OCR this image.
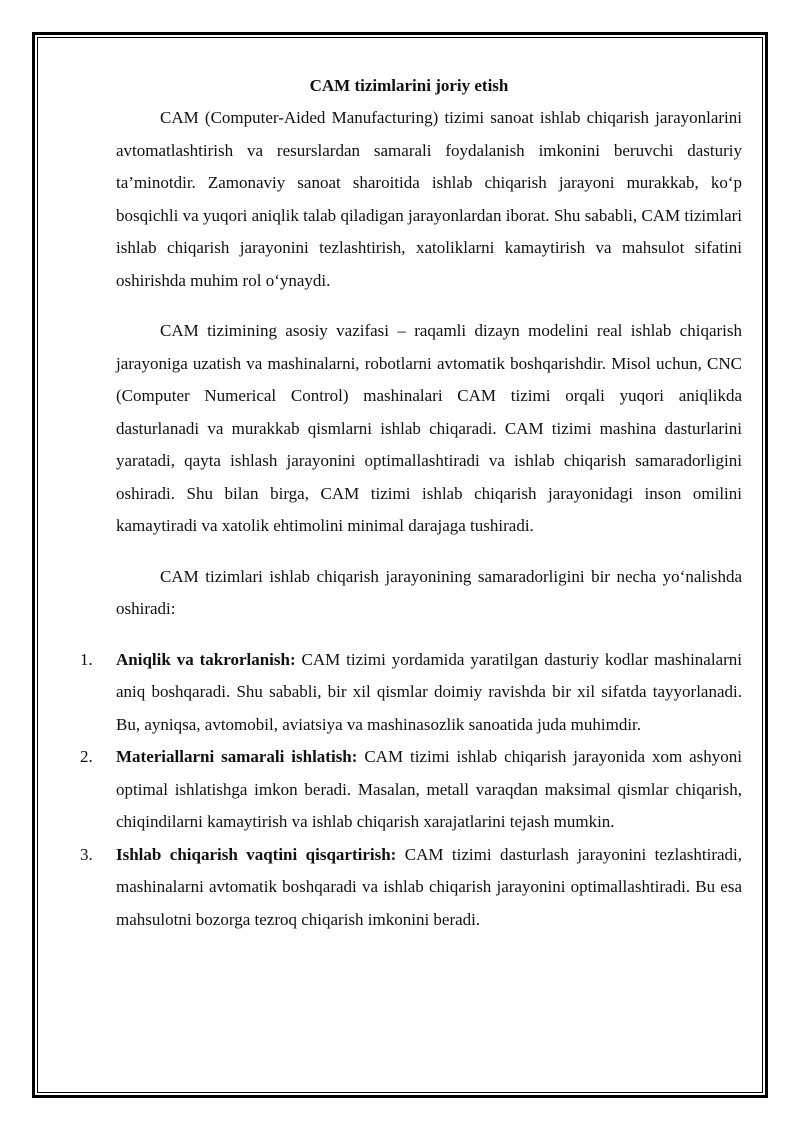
CAM tizimlarini joriy etish

CAM (Computer-Aided Manufacturing) tizimi sanoat ishlab chiqarish jarayonlarini avtomatlashtirish va resurslardan samarali foydalanish imkonini beruvchi dasturiy ta’minotdir. Zamonaviy sanoat sharoitida ishlab chiqarish jarayoni murakkab, ko‘p bosqichli va yuqori aniqlik talab qiladigan jarayonlardan iborat. Shu sababli, CAM tizimlari ishlab chiqarish jarayonini tezlashtirish, xatoliklarni kamaytirish va mahsulot sifatini oshirishda muhim rol o‘ynaydi.

CAM tizimining asosiy vazifasi – raqamli dizayn modelini real ishlab chiqarish jarayoniga uzatish va mashinalarni, robotlarni avtomatik boshqarishdir. Misol uchun, CNC (Computer Numerical Control) mashinalari CAM tizimi orqali yuqori aniqlikda dasturlanadi va murakkab qismlarni ishlab chiqaradi. CAM tizimi mashina dasturlarini yaratadi, qayta ishlash jarayonini optimallashtiradi va ishlab chiqarish samaradorligini oshiradi. Shu bilan birga, CAM tizimi ishlab chiqarish jarayonidagi inson omilini kamaytiradi va xatolik ehtimolini minimal darajaga tushiradi.

CAM tizimlari ishlab chiqarish jarayonining samaradorligini bir necha yo‘nalishda oshiradi:

1. Aniqlik va takrorlanish: CAM tizimi yordamida yaratilgan dasturiy kodlar mashinalarni aniq boshqaradi. Shu sababli, bir xil qismlar doimiy ravishda bir xil sifatda tayyorlanadi. Bu, ayniqsa, avtomobil, aviatsiya va mashinasozlik sanoatida juda muhimdir.
2. Materiallarni samarali ishlatish: CAM tizimi ishlab chiqarish jarayonida xom ashyoni optimal ishlatishga imkon beradi. Masalan, metall varaqdan maksimal qismlar chiqarish, chiqindilarni kamaytirish va ishlab chiqarish xarajatlarini tejash mumkin.
3. Ishlab chiqarish vaqtini qisqartirish: CAM tizimi dasturlash jarayonini tezlashtiradi, mashinalarni avtomatik boshqaradi va ishlab chiqarish jarayonini optimallashtiradi. Bu esa mahsulotni bozorga tezroq chiqarish imkonini beradi.
